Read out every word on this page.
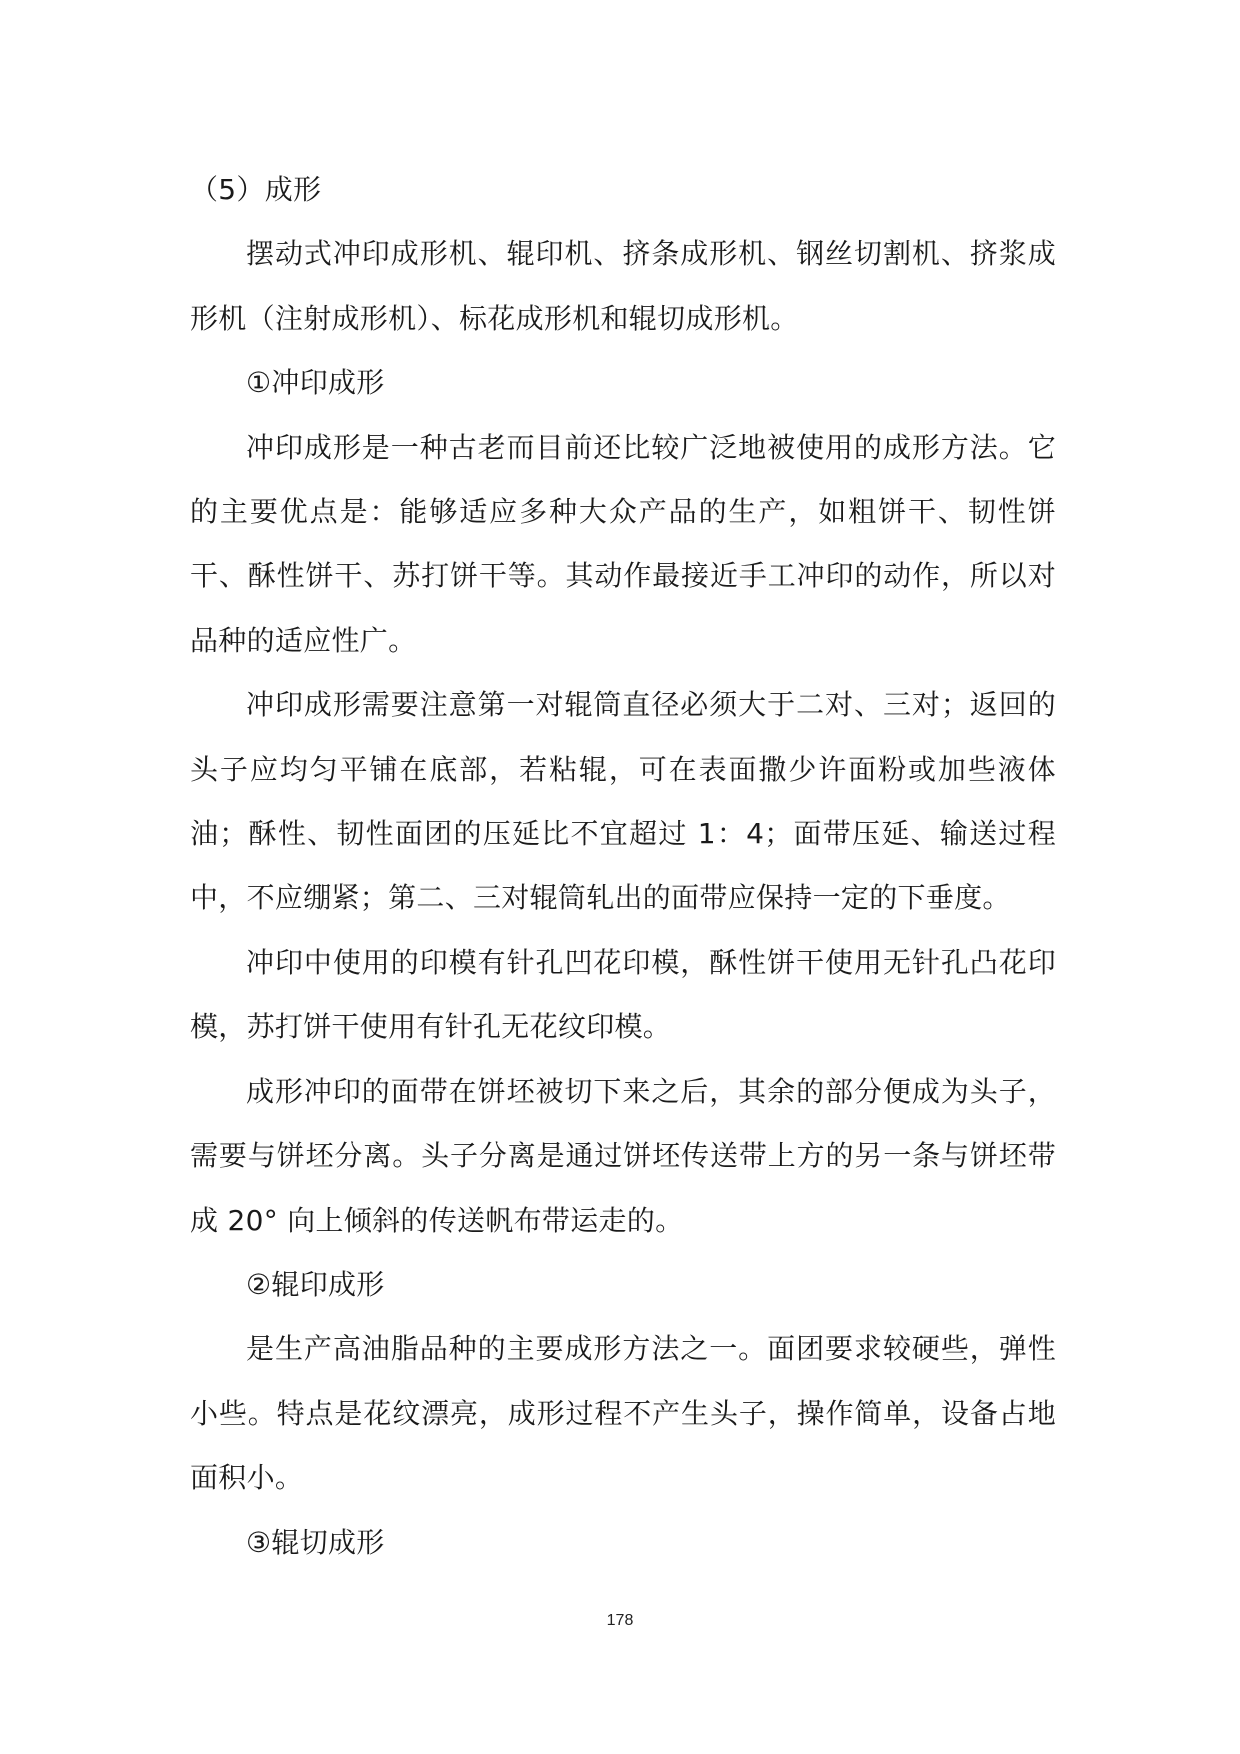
（5）成形

摆动式冲印成形机、辊印机、挤条成形机、钢丝切割机、挤浆成形机（注射成形机）、标花成形机和辊切成形机。

①冲印成形

冲印成形是一种古老而目前还比较广泛地被使用的成形方法。它的主要优点是：能够适应多种大众产品的生产，如粗饼干、韧性饼干、酥性饼干、苏打饼干等。其动作最接近手工冲印的动作，所以对品种的适应性广。

冲印成形需要注意第一对辊筒直径必须大于二对、三对；返回的头子应均匀平铺在底部，若粘辊，可在表面撒少许面粉或加些液体油；酥性、韧性面团的压延比不宜超过 1：4；面带压延、输送过程中，不应绷紧；第二、三对辊筒轧出的面带应保持一定的下垂度。

冲印中使用的印模有针孔凹花印模，酥性饼干使用无针孔凸花印模，苏打饼干使用有针孔无花纹印模。

成形冲印的面带在饼坯被切下来之后，其余的部分便成为头子，需要与饼坯分离。头子分离是通过饼坯传送带上方的另一条与饼坯带成 20° 向上倾斜的传送帆布带运走的。

②辊印成形

是生产高油脂品种的主要成形方法之一。面团要求较硬些，弹性小些。特点是花纹漂亮，成形过程不产生头子，操作简单，设备占地面积小。

③辊切成形

178
